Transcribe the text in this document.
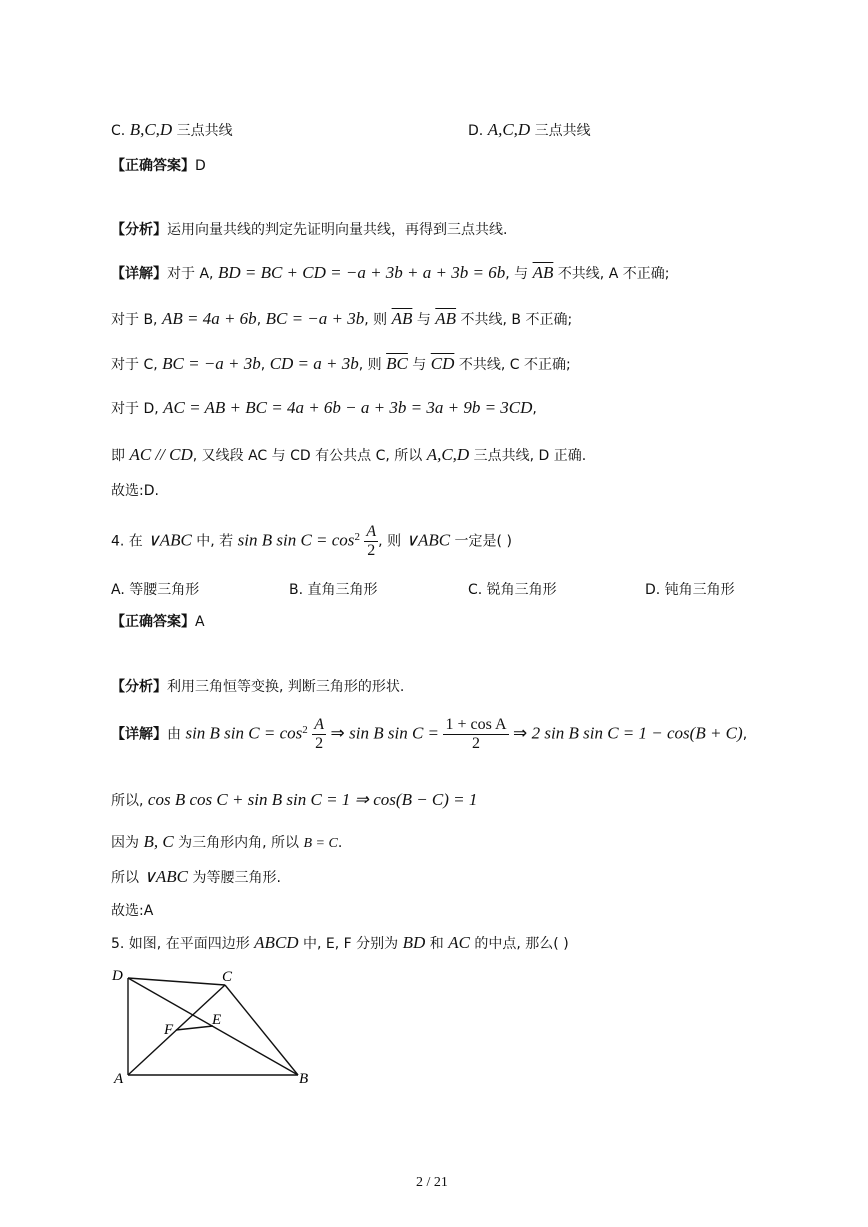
C. B,C,D 三点共线	D. A,C,D 三点共线
【正确答案】D
【分析】运用向量共线的判定先证明向量共线，再得到三点共线.
【详解】对于 A, BD = BC + CD = −a + 3b + a + 3b = 6b, 与 $\overline{AB}$ 不共线, A 不正确;
对于 B, AB = 4a + 6b, BC = −a + 3b, 则 $\overline{AB}$ 与 $\overline{AB}$ 不共线, B 不正确;
对于 C, BC = −a + 3b, CD = a + 3b, 则 $\overline{BC}$ 与 $\overline{CD}$ 不共线, C 不正确;
对于 D, AC = AB + BC = 4a + 6b − a + 3b = 3a + 9b = 3CD,
即 AC // CD, 又线段 AC 与 CD 有公共点 C, 所以 A,C,D 三点共线, D 正确.
故选:D.
4. 在 ∨ABC 中, 若 sin B $\sin C = \cos^2 \frac{A}{2}$ , 则 ∨ABC 一定是( )
A. 等腰三角形	B. 直角三角形	C. 锐角三角形	D. 钝角三角形
【正确答案】A
【分析】利用三角恒等变换, 判断三角形的形状.
【详解】由 sin B $\sin C = \cos^2 \frac{A}{2}$ ⇒ sin B $\sin C = \frac{\text{1 + cos A}}{2}$ ⇒ 2 sin B sin C = 1 − cos(B + C),
所以, cos B cos C + sin B sin C = 1 ⇒ cos(B − C) = 1
因为 B, C 为三角形内角, 所以 B = C.
所以 ∨ABC 为等腰三角形.
故选:A
5. 如图, 在平面四边形 ABCD 中, E, F 分别为 BD 和 AC 的中点, 那么( )
D	C
F
E
A	B
2 / 21
